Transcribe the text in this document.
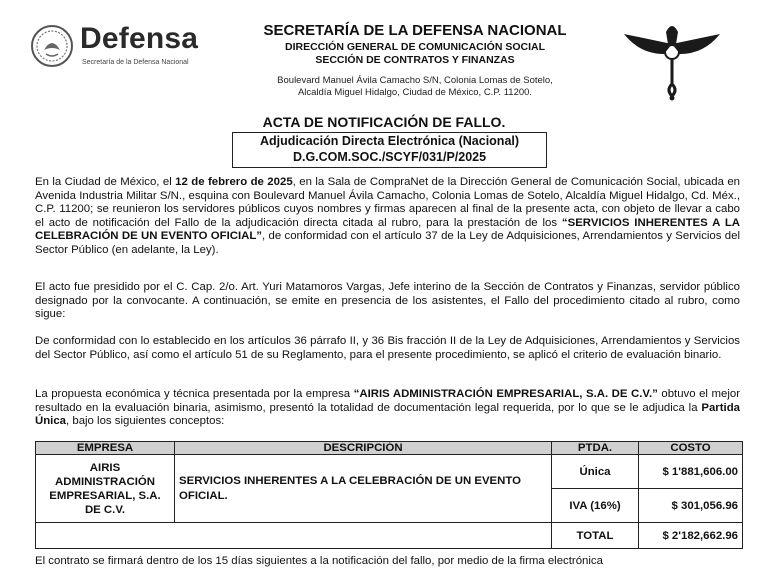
Defensa
Secretaría de la Defensa Nacional
SECRETARÍA DE LA DEFENSA NACIONAL
DIRECCIÓN GENERAL DE COMUNICACIÓN SOCIAL
SECCIÓN DE CONTRATOS Y FINANZAS
Boulevard Manuel Ávila Camacho S/N, Colonia Lomas de Sotelo,
Alcaldía Miguel Hidalgo, Ciudad de México, C.P. 11200.
ACTA DE NOTIFICACIÓN DE FALLO.
Adjudicación Directa Electrónica (Nacional)
D.G.COM.SOC./SCYF/031/P/2025
En la Ciudad de México, el 12 de febrero de 2025, en la Sala de CompraNet de la Dirección General de Comunicación Social, ubicada en Avenida Industria Militar S/N., esquina con Boulevard Manuel Ávila Camacho, Colonia Lomas de Sotelo, Alcaldía Miguel Hidalgo, Cd. Méx., C.P. 11200; se reunieron los servidores públicos cuyos nombres y firmas aparecen al final de la presente acta, con objeto de llevar a cabo el acto de notificación del Fallo de la adjudicación directa citada al rubro, para la prestación de los “SERVICIOS INHERENTES A LA CELEBRACIÓN DE UN EVENTO OFICIAL”, de conformidad con el artículo 37 de la Ley de Adquisiciones, Arrendamientos y Servicios del Sector Público (en adelante, la Ley).
El acto fue presidido por el C. Cap. 2/o. Art. Yuri Matamoros Vargas, Jefe interino de la Sección de Contratos y Finanzas, servidor público designado por la convocante. A continuación, se emite en presencia de los asistentes, el Fallo del procedimiento citado al rubro, como sigue:
De conformidad con lo establecido en los artículos 36 párrafo II, y 36 Bis fracción II de la Ley de Adquisiciones, Arrendamientos y Servicios del Sector Público, así como el artículo 51 de su Reglamento, para el presente procedimiento, se aplicó el criterio de evaluación binario.
La propuesta económica y técnica presentada por la empresa “AIRIS ADMINISTRACIÓN EMPRESARIAL, S.A. DE C.V.” obtuvo el mejor resultado en la evaluación binaria, asimismo, presentó la totalidad de documentación legal requerida, por lo que se le adjudica la Partida Única, bajo los siguientes conceptos:
EMPRESA	DESCRIPCIÓN	PTDA.	COSTO
AIRIS ADMINISTRACIÓN EMPRESARIAL, S.A. DE C.V.	SERVICIOS INHERENTES A LA CELEBRACIÓN DE UN EVENTO OFICIAL.	Única	$ 1'881,606.00
		IVA (16%)	$ 301,056.96
		TOTAL	$ 2'182,662.96
El contrato se firmará dentro de los 15 días siguientes a la notificación del fallo, por medio de la firma electrónica
